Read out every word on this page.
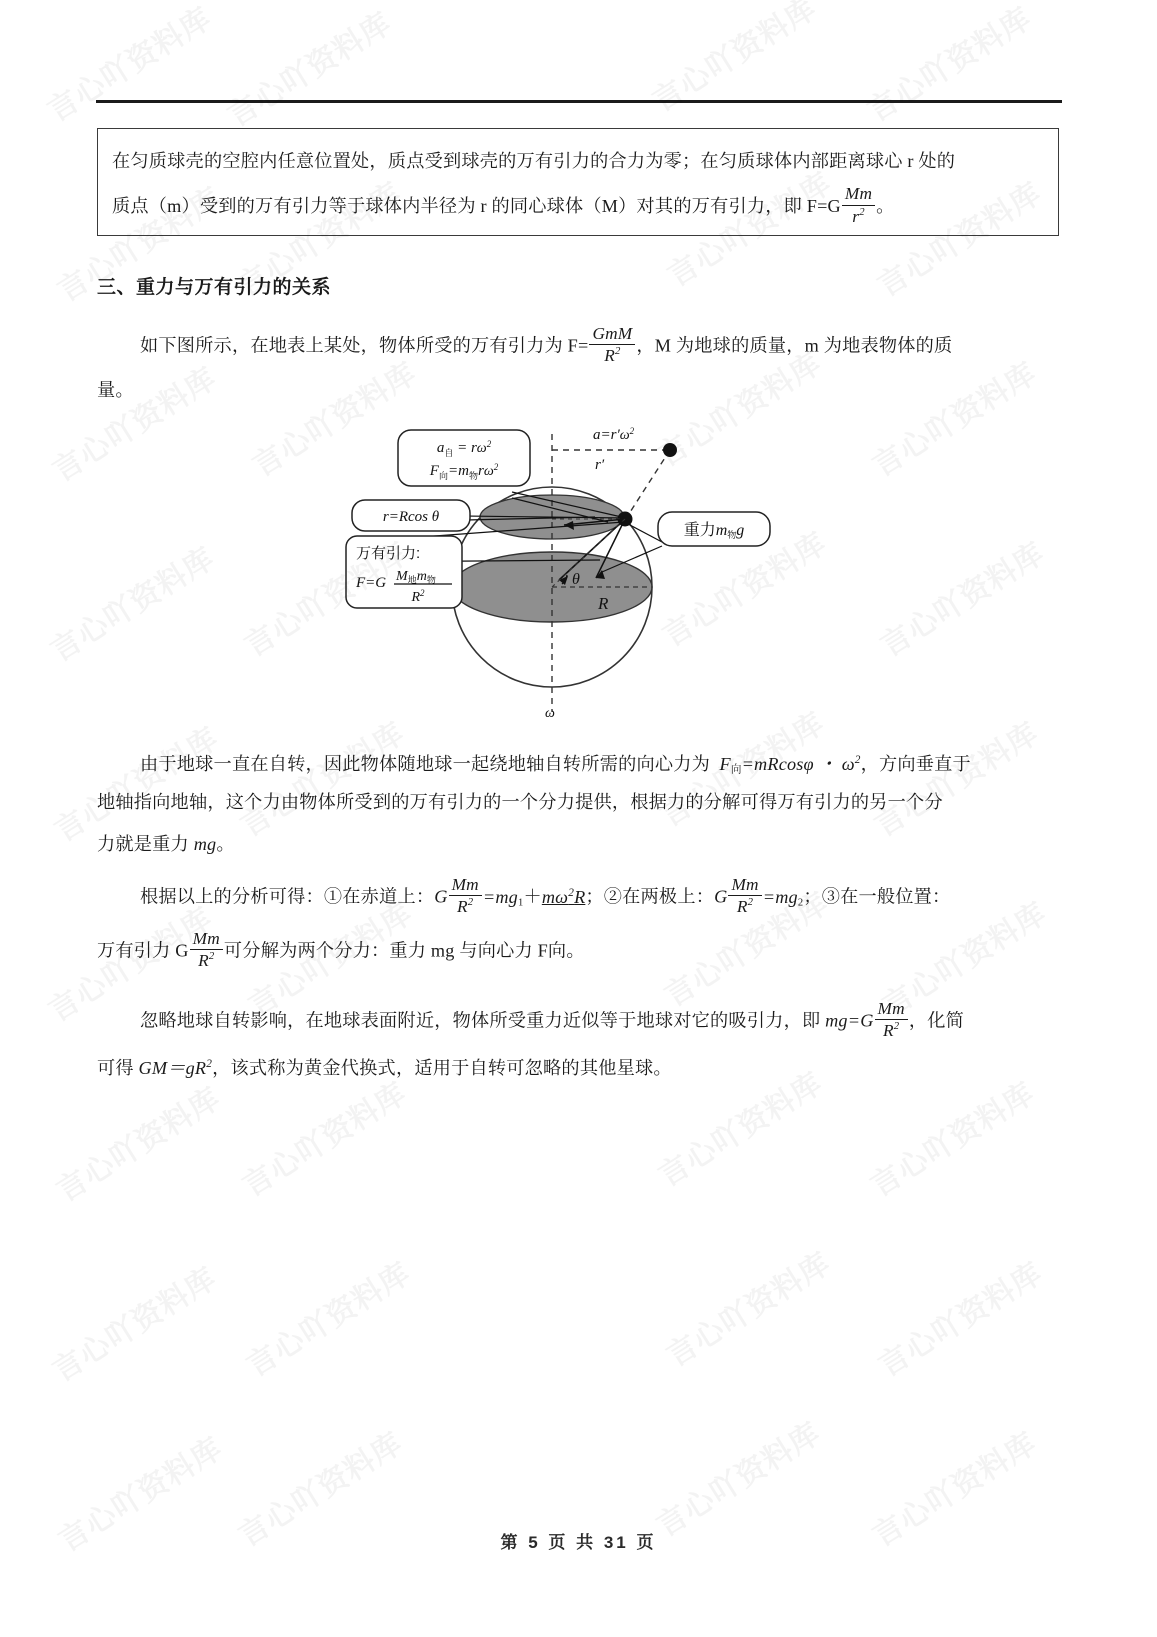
在匀质球壳的空腔内任意位置处，质点受到球壳的万有引力的合力为零；在匀质球体内部距离球心 r 处的
质点（m）受到的万有引力等于球体内半径为 r 的同心球体（M）对其的万有引力，即 $F=G \frac{Mm}{r^2}$ 。
三、重力与万有引力的关系
如下图所示，在地表上某处，物体所受的万有引力为 $F= \frac{\text{GmM}}{R^2}$ ，M 为地球的质量，m 为地表物体的质
量。
$a_自 = r\omega^2$
$F_向=m_物r\omega^2$
r=Rcos θ
万有引力:
F=G $M_地m_物$
$R^2$
重力m物g
$a=r'\omega^2$
r′
R
θ
ω
由于地球一直在自转，因此物体随地球一起绕地轴自转所需的向心力为 $F_向=mRcos\varphi$ ・ $\omega^2$，方向垂直于
地轴指向地轴，这个力由物体所受到的万有引力的一个分力提供，根据力的分解可得万有引力的另一个分
力就是重力 mg。
根据以上的分析可得：①在赤道上：G $\frac{Mm}{R^2} =mg_1+m\omega^2R$；②在两极上：G $\frac{Mm}{R^2} =mg_2$；③在一般位置：
万有引力 G $\frac{Mm}{R^2}$ 可分解为两个分力：重力 mg 与向心力 F向。
忽略地球自转影响，在地球表面附近，物体所受重力近似等于地球对它的吸引力，即 $mg=G \frac{Mm}{R^2}$ ，化简
可得 $GM=gR^2$，该式称为黄金代换式，适用于自转可忽略的其他星球。
第 5 页 共 31 页
